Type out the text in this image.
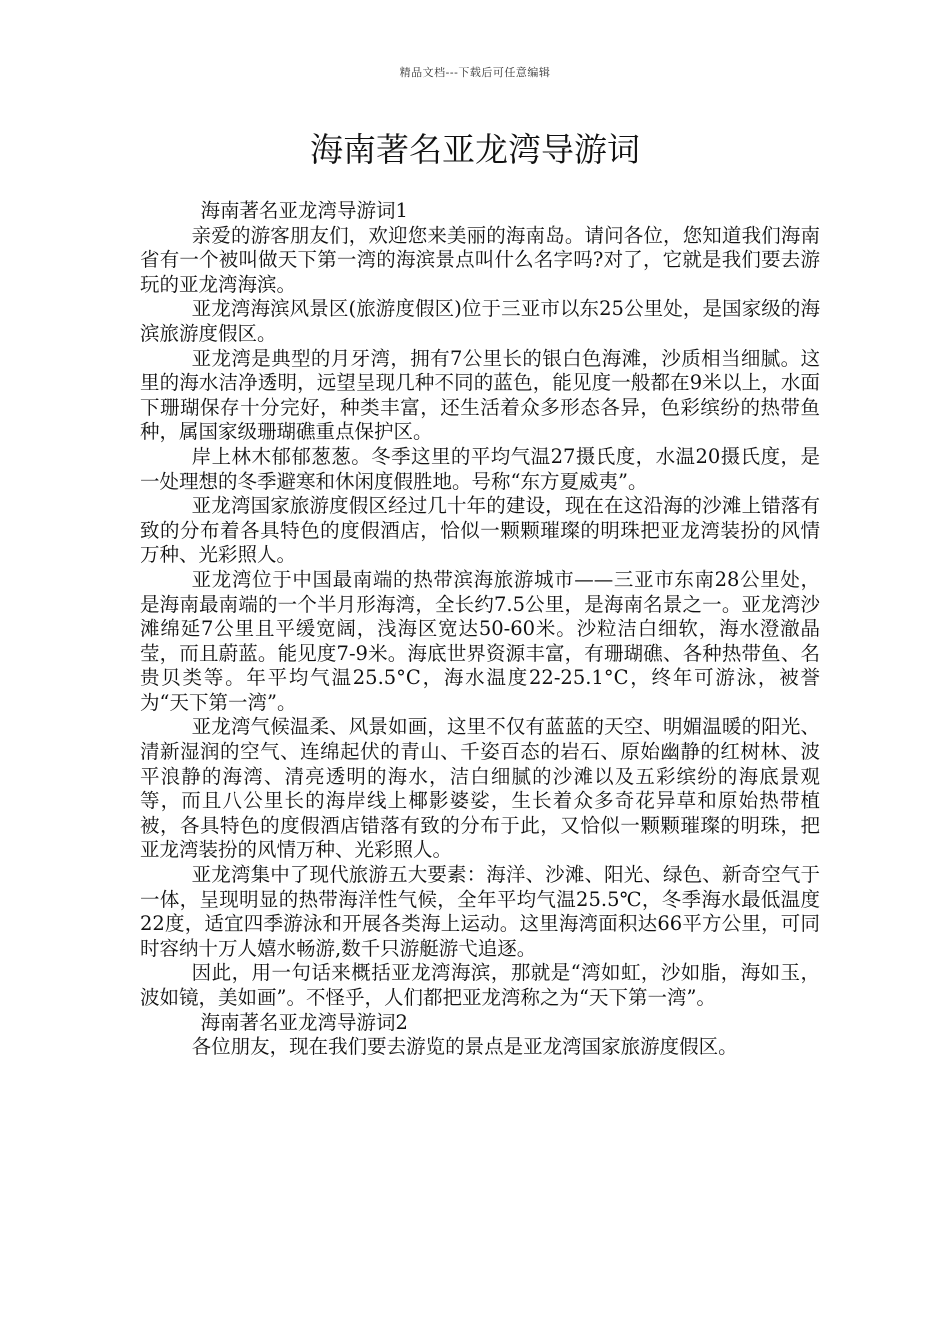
精品文档---下载后可任意编辑
海南著名亚龙湾导游词

海南著名亚龙湾导游词1

亲爱的游客朋友们，欢迎您来美丽的海南岛。请问各位，您知道我们海南省有一个被叫做天下第一湾的海滨景点叫什么名字吗?对了，它就是我们要去游玩的亚龙湾海滨。

亚龙湾海滨风景区(旅游度假区)位于三亚市以东25公里处，是国家级的海滨旅游度假区。

亚龙湾是典型的月牙湾，拥有7公里长的银白色海滩，沙质相当细腻。这里的海水洁净透明，远望呈现几种不同的蓝色，能见度一般都在9米以上，水面下珊瑚保存十分完好，种类丰富，还生活着众多形态各异，色彩缤纷的热带鱼种，属国家级珊瑚礁重点保护区。

岸上林木郁郁葱葱。冬季这里的平均气温27摄氏度，水温20摄氏度，是一处理想的冬季避寒和休闲度假胜地。号称“东方夏威夷”。

亚龙湾国家旅游度假区经过几十年的建设，现在在这沿海的沙滩上错落有致的分布着各具特色的度假酒店，恰似一颗颗璀璨的明珠把亚龙湾装扮的风情万种、光彩照人。

亚龙湾位于中国最南端的热带滨海旅游城市——三亚市东南28公里处，是海南最南端的一个半月形海湾，全长约7.5公里，是海南名景之一。亚龙湾沙滩绵延7公里且平缓宽阔，浅海区宽达50-60米。沙粒洁白细软，海水澄澈晶莹，而且蔚蓝。能见度7-9米。海底世界资源丰富，有珊瑚礁、各种热带鱼、名贵贝类等。年平均气温25.5°C，海水温度22-25.1°C，终年可游泳，被誉为“天下第一湾”。

亚龙湾气候温柔、风景如画，这里不仅有蓝蓝的天空、明媚温暖的阳光、清新湿润的空气、连绵起伏的青山、千姿百态的岩石、原始幽静的红树林、波平浪静的海湾、清亮透明的海水，洁白细腻的沙滩以及五彩缤纷的海底景观等，而且八公里长的海岸线上椰影婆娑，生长着众多奇花异草和原始热带植被，各具特色的度假酒店错落有致的分布于此，又恰似一颗颗璀璨的明珠，把亚龙湾装扮的风情万种、光彩照人。

亚龙湾集中了现代旅游五大要素：海洋、沙滩、阳光、绿色、新奇空气于一体，呈现明显的热带海洋性气候，全年平均气温25.5℃，冬季海水最低温度22度，适宜四季游泳和开展各类海上运动。这里海湾面积达66平方公里，可同时容纳十万人嬉水畅游,数千只游艇游弋追逐。

因此，用一句话来概括亚龙湾海滨，那就是“湾如虹，沙如脂，海如玉，波如镜，美如画”。不怪乎，人们都把亚龙湾称之为“天下第一湾”。

海南著名亚龙湾导游词2

各位朋友，现在我们要去游览的景点是亚龙湾国家旅游度假区。
